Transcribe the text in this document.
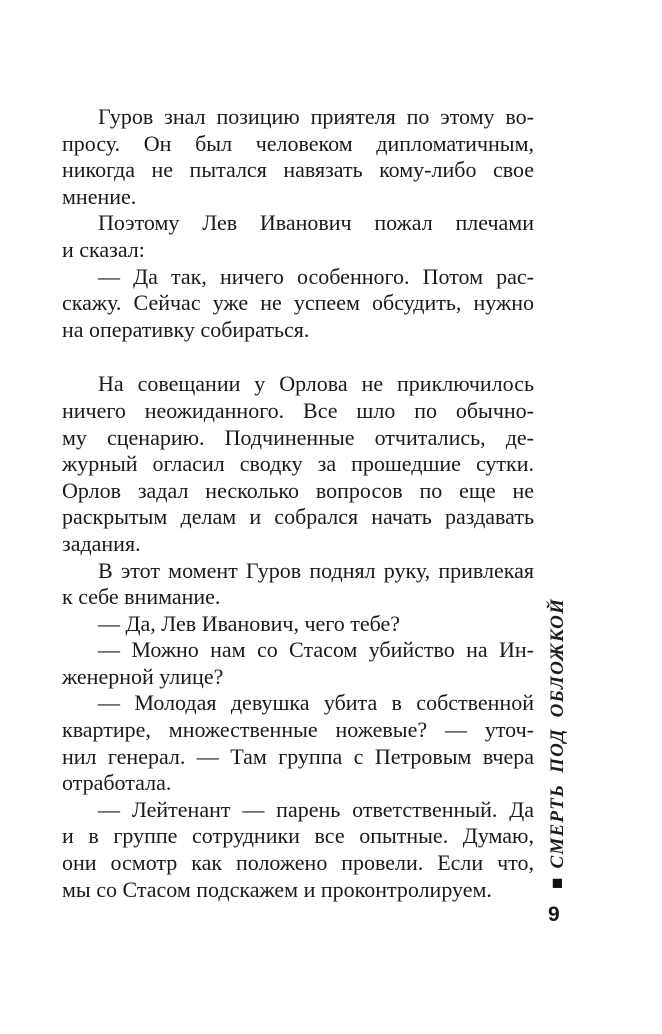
Гуров знал позицию приятеля по этому во-
просу. Он был человеком дипломатичным,
никогда не пытался навязать кому-либо свое
мнение.
Поэтому Лев Иванович пожал плечами
и сказал:
— Да так, ничего особенного. Потом рас-
скажу. Сейчас уже не успеем обсудить, нужно
на оперативку собираться.
На совещании у Орлова не приключилось
ничего неожиданного. Все шло по обычно-
му сценарию. Подчиненные отчитались, де-
журный огласил сводку за прошедшие сутки.
Орлов задал несколько вопросов по еще не
раскрытым делам и собрался начать раздавать
задания.
В этот момент Гуров поднял руку, привлекая
к себе внимание.
— Да, Лев Иванович, чего тебе?
— Можно нам со Стасом убийство на Ин-
женерной улице?
— Молодая девушка убита в собственной
квартире, множественные ножевые? — уточ-
нил генерал. — Там группа с Петровым вчера
отработала.
— Лейтенант — парень ответственный. Да
и в группе сотрудники все опытные. Думаю,
они осмотр как положено провели. Если что,
мы со Стасом подскажем и проконтролируем.	■СМЕРТЬ ПОД ОБЛОЖКОЙ
9
